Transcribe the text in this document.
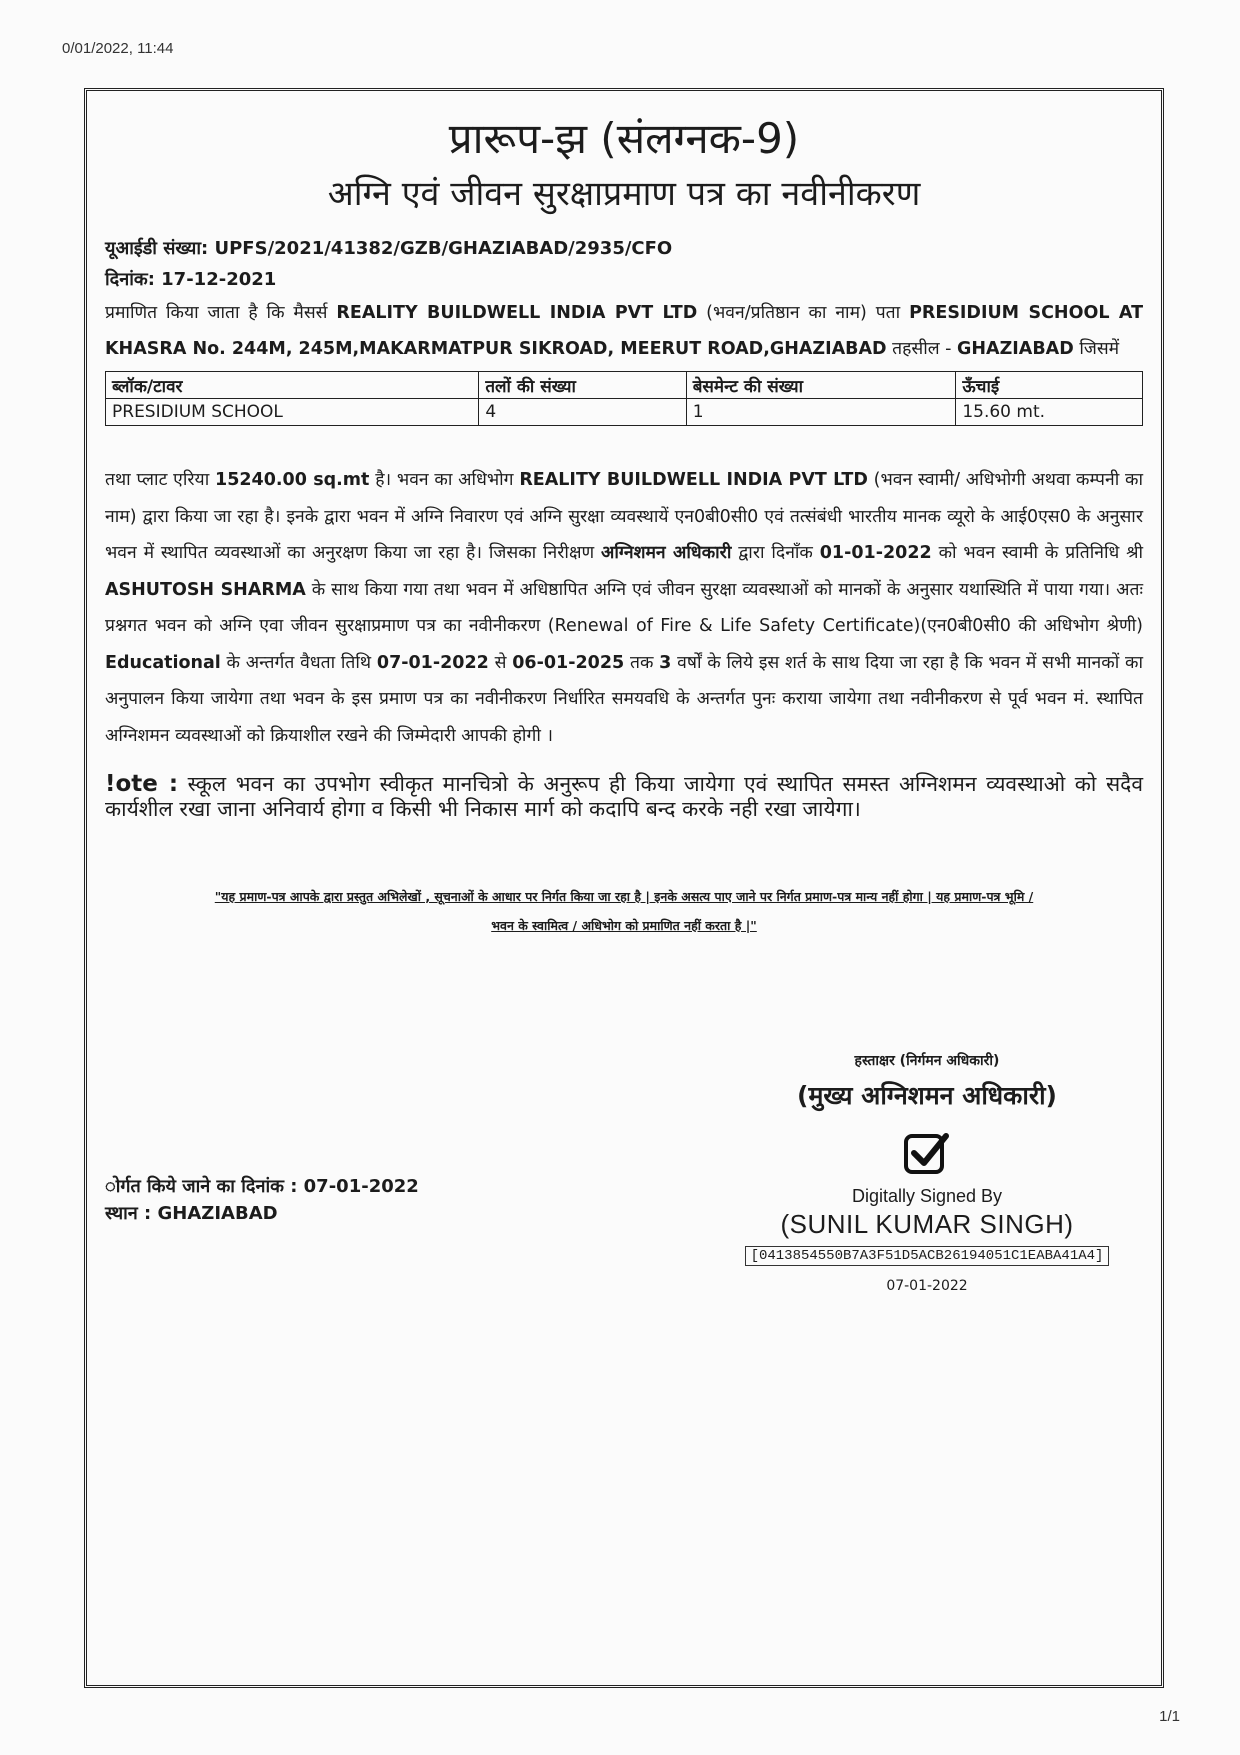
0/01/2022, 11:44
प्रारूप-झ (संलग्नक-9)
अग्नि एवं जीवन सुरक्षाप्रमाण पत्र का नवीनीकरण
यूआईडी संख्या: UPFS/2021/41382/GZB/GHAZIABAD/2935/CFO
दिनांक: 17-12-2021

प्रमाणित किया जाता है कि मैसर्स REALITY BUILDWELL INDIA PVT LTD (भवन/प्रतिष्ठान का नाम) पता PRESIDIUM SCHOOL AT KHASRA No. 244M, 245M,MAKARMATPUR SIKROAD, MEERUT ROAD,GHAZIABAD तहसील - GHAZIABAD जिसमें

ब्लॉक/टावर	तलों की संख्या	बेसमेन्ट की संख्या	ऊँचाई
PRESIDIUM SCHOOL	4	1	15.60 mt.

तथा प्लाट एरिया 15240.00 sq.mt है। भवन का अधिभोग REALITY BUILDWELL INDIA PVT LTD (भवन स्वामी/ अधिभोगी अथवा कम्पनी का नाम) द्वारा किया जा रहा है। इनके द्वारा भवन में अग्नि निवारण एवं अग्नि सुरक्षा व्यवस्थायें एन0बी0सी0 एवं तत्संबंधी भारतीय मानक व्यूरो के आई0एस0 के अनुसार भवन में स्थापित व्यवस्थाओं का अनुरक्षण किया जा रहा है। जिसका निरीक्षण अग्निशमन अधिकारी द्वारा दिनाँक 01-01-2022 को भवन स्वामी के प्रतिनिधि श्री ASHUTOSH SHARMA के साथ किया गया तथा भवन में अधिष्ठापित अग्नि एवं जीवन सुरक्षा व्यवस्थाओं को मानकों के अनुसार यथास्थिति में पाया गया। अतः प्रश्नगत भवन को अग्नि एवा जीवन सुरक्षाप्रमाण पत्र का नवीनीकरण (Renewal of Fire & Life Safety Certificate)(एन0बी0सी0 की अधिभोग श्रेणी) Educational के अन्तर्गत वैधता तिथि 07-01-2022 से 06-01-2025 तक 3 वर्षों के लिये इस शर्त के साथ दिया जा रहा है कि भवन में सभी मानकों का अनुपालन किया जायेगा तथा भवन के इस प्रमाण पत्र का नवीनीकरण निर्धारित समयवधि के अन्तर्गत पुनः कराया जायेगा तथा नवीनीकरण से पूर्व भवन मं. स्थापित अग्निशमन व्यवस्थाओं को क्रियाशील रखने की जिम्मेदारी आपकी होगी ।

!ote : स्कूल भवन का उपभोग स्वीकृत मानचित्रो के अनुरूप ही किया जायेगा एवं स्थापित समस्त अग्निशमन व्यवस्थाओ को सदैव कार्यशील रखा जाना अनिवार्य होगा व किसी भी निकास मार्ग को कदापि बन्द करके नही रखा जायेगा।

"यह प्रमाण-पत्र आपके द्वारा प्रस्तुत अभिलेखों , सूचनाओं के आधार पर निर्गत किया जा रहा है | इनके असत्य पाए जाने पर निर्गत प्रमाण-पत्र मान्य नहीं होगा | यह प्रमाण-पत्र भूमि /
भवन के स्वामित्व / अधिभोग को प्रमाणित नहीं करता है |"
ोर्गत किये जाने का दिनांक : 07-01-2022
स्थान : GHAZIABAD
हस्ताक्षर (निर्गमन अधिकारी)
(मुख्य अग्निशमन अधिकारी)
Digitally Signed By
(SUNIL KUMAR SINGH)
[0413854550B7A3F51D5ACB26194051C1EABA41A4]
07-01-2022
1/1
